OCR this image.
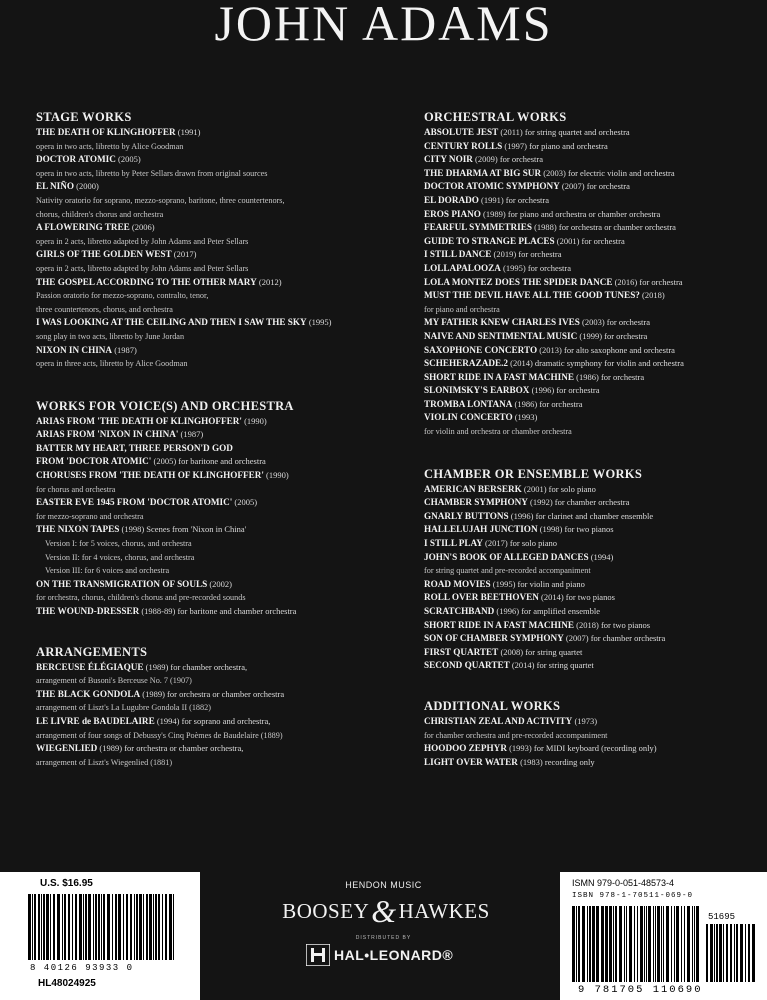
JOHN ADAMS
STAGE WORKS
THE DEATH OF KLINGHOFFER (1991)
opera in two acts, libretto by Alice Goodman
DOCTOR ATOMIC (2005)
opera in two acts, libretto by Peter Sellars drawn from original sources
EL NIÑO (2000)
Nativity oratorio for soprano, mezzo-soprano, baritone, three countertenors,
chorus, children's chorus and orchestra
A FLOWERING TREE (2006)
opera in 2 acts, libretto adapted by John Adams and Peter Sellars
GIRLS OF THE GOLDEN WEST (2017)
opera in 2 acts, libretto adapted by John Adams and Peter Sellars
THE GOSPEL ACCORDING TO THE OTHER MARY (2012)
Passion oratorio for mezzo-soprano, contralto, tenor,
three countertenors, chorus, and orchestra
I WAS LOOKING AT THE CEILING AND THEN I SAW THE SKY (1995)
song play in two acts, libretto by June Jordan
NIXON IN CHINA (1987)
opera in three acts, libretto by Alice Goodman
WORKS FOR VOICE(S) AND ORCHESTRA
ARIAS FROM 'THE DEATH OF KLINGHOFFER' (1990)
ARIAS FROM 'NIXON IN CHINA' (1987)
BATTER MY HEART, THREE PERSON'D GOD
FROM 'DOCTOR ATOMIC' (2005) for baritone and orchestra
CHORUSES FROM 'THE DEATH OF KLINGHOFFER' (1990)
for chorus and orchestra
EASTER EVE 1945 FROM 'DOCTOR ATOMIC' (2005)
for mezzo-soprano and orchestra
THE NIXON TAPES (1998) Scenes from 'Nixon in China'
Version I: for 5 voices, chorus, and orchestra
Version II: for 4 voices, chorus, and orchestra
Version III: for 6 voices and orchestra
ON THE TRANSMIGRATION OF SOULS (2002)
for orchestra, chorus, children's chorus and pre-recorded sounds
THE WOUND-DRESSER (1988-89) for baritone and chamber orchestra
ARRANGEMENTS
BERCEUSE ÉLÉGIAQUE (1989) for chamber orchestra,
arrangement of Busoni's Berceuse No. 7 (1907)
THE BLACK GONDOLA (1989) for orchestra or chamber orchestra
arrangement of Liszt's La Lugubre Gondola II (1882)
LE LIVRE de BAUDELAIRE (1994) for soprano and orchestra,
arrangement of four songs of Debussy's Cinq Poèmes de Baudelaire (1889)
WIEGENLIED (1989) for orchestra or chamber orchestra,
arrangement of Liszt's Wiegenlied (1881)
ORCHESTRAL WORKS
ABSOLUTE JEST (2011) for string quartet and orchestra
CENTURY ROLLS (1997) for piano and orchestra
CITY NOIR (2009) for orchestra
THE DHARMA AT BIG SUR (2003) for electric violin and orchestra
DOCTOR ATOMIC SYMPHONY (2007) for orchestra
EL DORADO (1991) for orchestra
EROS PIANO (1989) for piano and orchestra or chamber orchestra
FEARFUL SYMMETRIES (1988) for orchestra or chamber orchestra
GUIDE TO STRANGE PLACES (2001) for orchestra
I STILL DANCE (2019) for orchestra
LOLLAPALOOZA (1995) for orchestra
LOLA MONTEZ DOES THE SPIDER DANCE (2016) for orchestra
MUST THE DEVIL HAVE ALL THE GOOD TUNES? (2018)
for piano and orchestra
MY FATHER KNEW CHARLES IVES (2003) for orchestra
NAIVE AND SENTIMENTAL MUSIC (1999) for orchestra
SAXOPHONE CONCERTO (2013) for alto saxophone and orchestra
SCHEHERAZADE.2 (2014) dramatic symphony for violin and orchestra
SHORT RIDE IN A FAST MACHINE (1986) for orchestra
SLONIMSKY'S EARBOX (1996) for orchestra
TROMBA LONTANA (1986) for orchestra
VIOLIN CONCERTO (1993)
for violin and orchestra or chamber orchestra
CHAMBER OR ENSEMBLE WORKS
AMERICAN BERSERK (2001) for solo piano
CHAMBER SYMPHONY (1992) for chamber orchestra
GNARLY BUTTONS (1996) for clarinet and chamber ensemble
HALLELUJAH JUNCTION (1998) for two pianos
I STILL PLAY (2017) for solo piano
JOHN'S BOOK OF ALLEGED DANCES (1994)
for string quartet and pre-recorded accompaniment
ROAD MOVIES (1995) for violin and piano
ROLL OVER BEETHOVEN (2014) for two pianos
SCRATCHBAND (1996) for amplified ensemble
SHORT RIDE IN A FAST MACHINE (2018) for two pianos
SON OF CHAMBER SYMPHONY (2007) for chamber orchestra
FIRST QUARTET (2008) for string quartet
SECOND QUARTET (2014) for string quartet
ADDITIONAL WORKS
CHRISTIAN ZEAL AND ACTIVITY (1973)
for chamber orchestra and pre-recorded accompaniment
HOODOO ZEPHYR (1993) for MIDI keyboard (recording only)
LIGHT OVER WATER (1983) recording only
U.S. $16.95
8 40126 93933 0
HL48024925
HENDON MUSIC
BOOSEY&HAWKES
DISTRIBUTED BY
HAL•LEONARD®
ISMN 979-0-051-48573-4
ISBN 978-1-70511-069-0
51695
9 781705 110690
